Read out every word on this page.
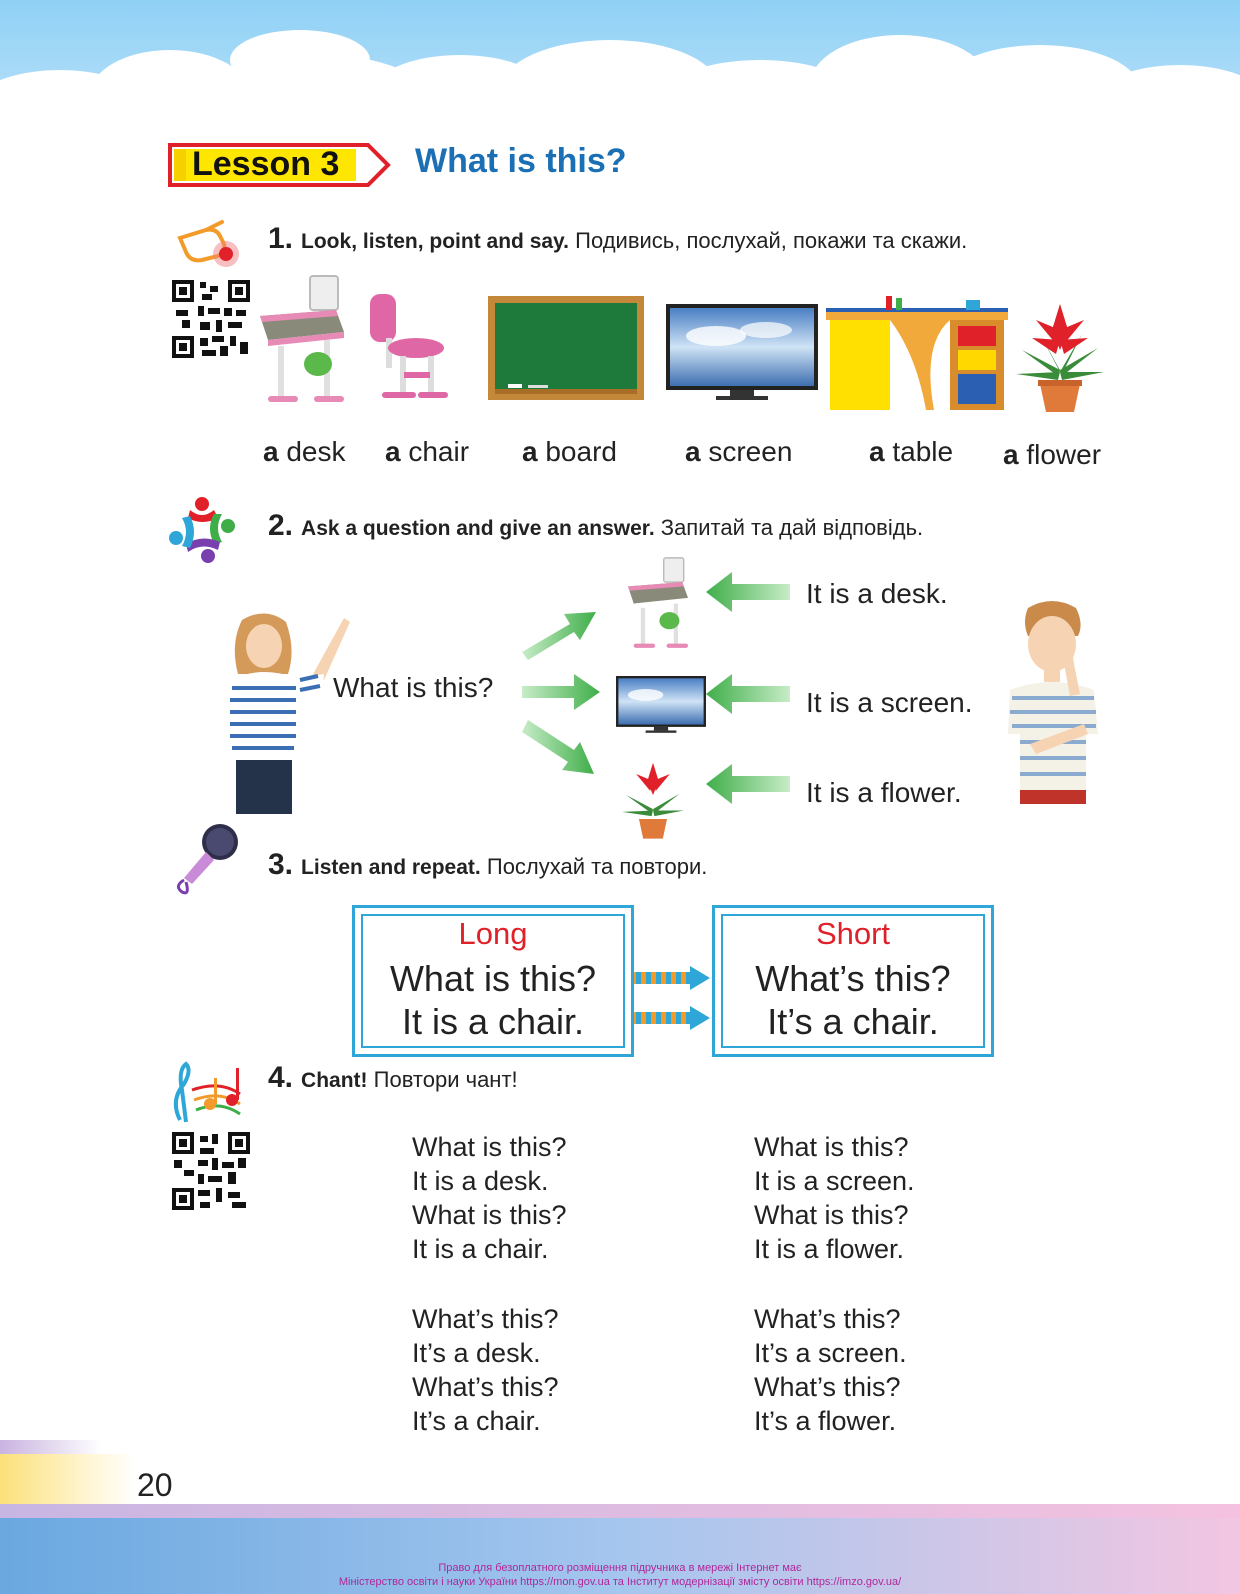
Lesson 3 What is this?
1. Look, listen, point and say. Подивись, послухай, покажи та скажи.
a desk a chair a board a screen	a table a flower
2. Ask a question and give an answer. Запитай та дай відповідь.
What is this?
It is a desk.
It is a screen.
It is a flower.
3. Listen and repeat. Послухай та повтори.
Long
What is this?
It is a chair.
Short
What’s this?
It’s a chair.
4. Chant! Повтори чант!
What is this?
It is a desk.
What is this?
It is a chair.
What’s this?
It’s a desk.
What’s this?
It’s a chair.
What is this?
It is a screen.
What is this?
It is a flower.
What’s this?
It’s a screen.
What’s this?
It’s a flower.
20
Право для безоплатного розміщення підручника в мережі Інтернет має
Міністерство освіти і науки України https://mon.gov.ua та Інститут модернізації змісту освіти https://imzo.gov.ua/
